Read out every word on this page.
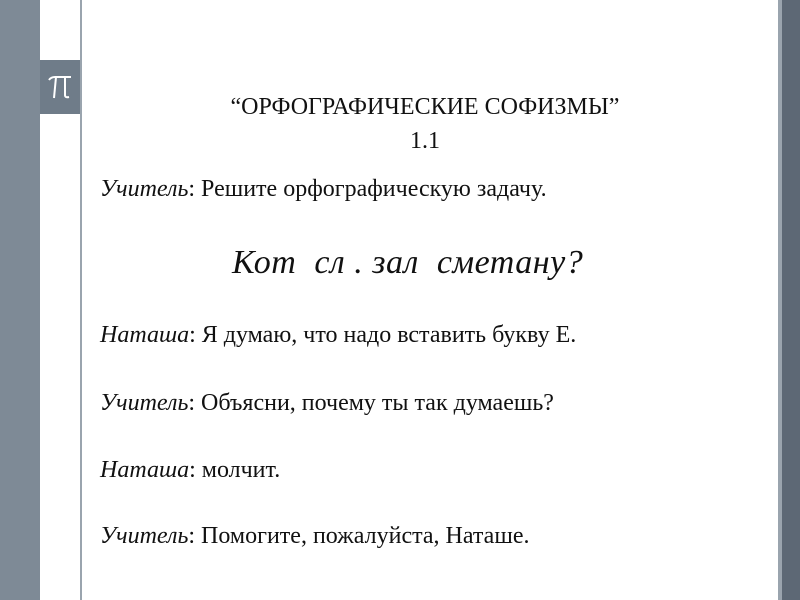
“ОРФОГРАФИЧЕСКИЕ СОФИЗМЫ”
1.1
Учитель: Решите орфографическую задачу.
Кот  сл . зал  сметану?
Наташа: Я думаю, что надо вставить букву Е.
Учитель: Объясни, почему ты так думаешь?
Наташа: молчит.
Учитель: Помогите, пожалуйста, Наташе.
